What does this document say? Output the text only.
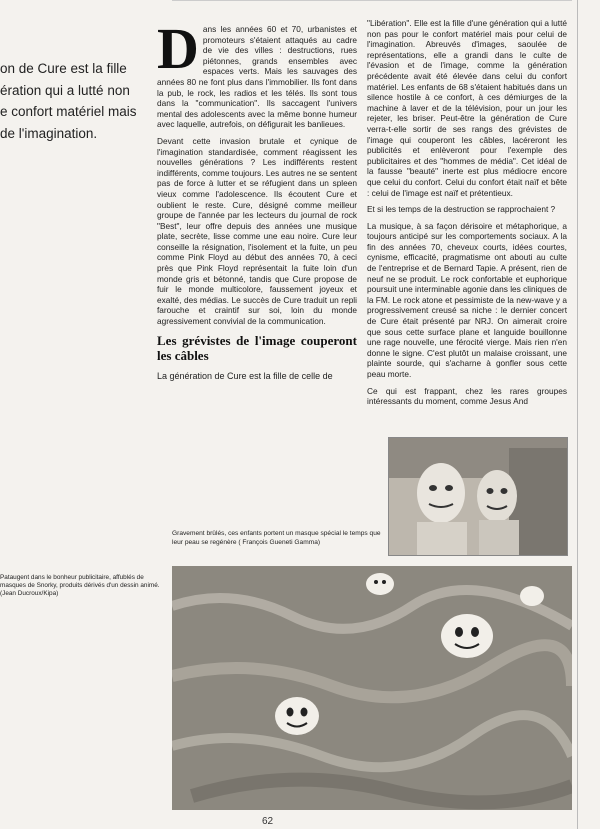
on de Cure est la fille
ération qui a lutté non
e confort matériel mais
de l'imagination.

Dans les années 60 et 70, urbanistes et promoteurs s'étaient attaqués au cadre de vie des villes : destructions, rues piétonnes, grands ensembles avec espaces verts. Mais les sauvages des années 80 ne font plus dans l'immobilier. Ils font dans la pub, le rock, les radios et les télés. Ils sont tous dans la "communication". Ils saccagent l'univers mental des adolescents avec la même bonne humeur avec laquelle, autrefois, on défigurait les banlieues.

Devant cette invasion brutale et cynique de l'imagination standardisée, comment réagissent les nouvelles générations ? Les indifférents restent indifférents, comme toujours. Les autres ne se sentent pas de force à lutter et se réfugient dans un spleen vieux comme l'adolescence. Ils écoutent Cure et oublient le reste. Cure, désigné comme meilleur groupe de l'année par les lecteurs du journal de rock "Best", leur offre depuis des années une musique plate, secrète, lisse comme une eau noire. Cure leur conseille la résignation, l'isolement et la fuite, un peu comme Pink Floyd au début des années 70, à ceci près que Pink Floyd représentait la fuite loin d'un monde gris et bétonné, tandis que Cure propose de fuir le monde multicolore, faussement joyeux et exalté, des médias. Le succès de Cure traduit un repli farouche et craintif sur soi, loin du monde agressivement convivial de la communication.

Les grévistes de l'image couperont les câbles

La génération de Cure est la fille de celle de

"Libération". Elle est la fille d'une génération qui a lutté non pas pour le confort matériel mais pour celui de l'imagination. Abreuvés d'images, saoulée de représentations, elle a grandi dans le culte de l'évasion et de l'image, comme la génération précédente avait été élevée dans celui du confort matériel. Les enfants de 68 s'étaient habitués dans un silence hostile à ce confort, à ces démiurges de la machine à laver et de la télévision, pour un jour les rejeter, les briser. Peut-être la génération de Cure verra-t-elle sortir de ses rangs des grévistes de l'image qui couperont les câbles, lacéreront les publicités et enlèveront pour l'exemple des publicitaires et des "hommes de média". Cet idéal de la fausse "beauté" inerte est plus médiocre encore que celui du confort. Celui du confort était naïf et bête : celui de l'image est naïf et prétentieux.

Et si les temps de la destruction se rapprochaient ?

La musique, à sa façon dérisoire et métaphorique, a toujours anticipé sur les comportements sociaux. A la fin des années 70, cheveux courts, idées courtes, cynisme, efficacité, pragmatisme ont abouti au culte de l'entreprise et de Bernard Tapie. A présent, rien de neuf ne se produit. Le rock confortable et euphorique poursuit une interminable agonie dans les cliniques de la FM. Le rock atone et pessimiste de la new-wave y a progressivement creusé sa niche : le dernier concert de Cure était présenté par NRJ. On aimerait croire que sous cette surface plane et languide bouillonne une rage nouvelle, une férocité vierge. Mais rien n'en donne le signe. C'est plutôt un malaise croissant, une plainte sourde, qui s'acharne à gonfler sous cette peau morte.

Ce qui est frappant, chez les rares groupes intéressants du moment, comme Jesus And

Gravement brûlés, ces enfants portent un masque spécial le temps que leur peau se regénère ( François Gueneti Gamma)
Pataugent dans le bonheur publicitaire, affublés de masques de Snorky, produits dérivés d'un dessin animé. (Jean Ducroux/Kipa)
62
